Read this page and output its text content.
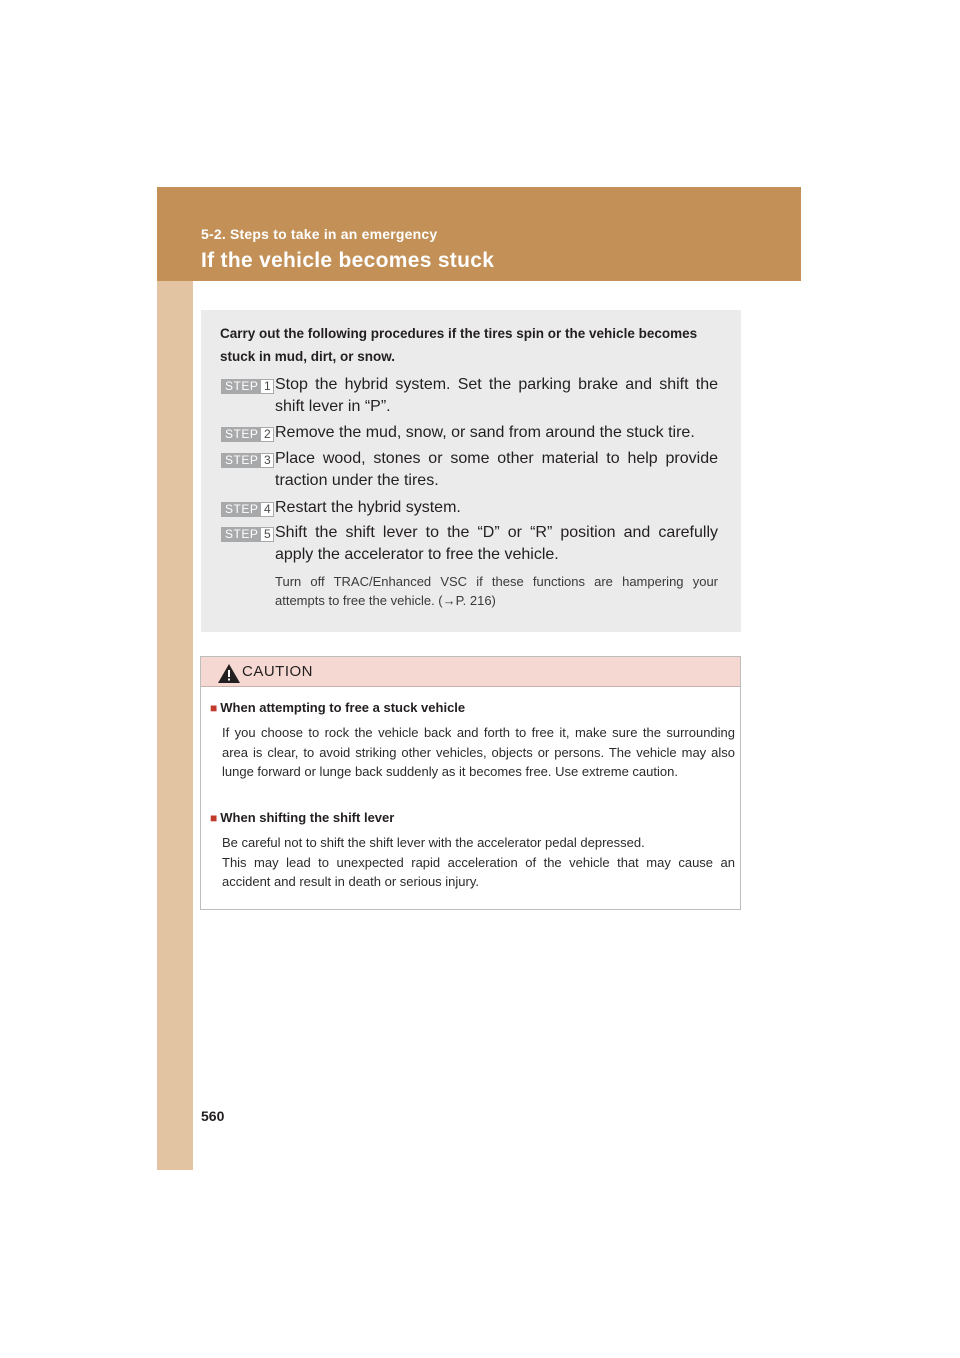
5-2. Steps to take in an emergency
If the vehicle becomes stuck
Carry out the following procedures if the tires spin or the vehicle becomes stuck in mud, dirt, or snow.
STEP 1 Stop the hybrid system. Set the parking brake and shift the shift lever in “P”.
STEP 2 Remove the mud, snow, or sand from around the stuck tire.
STEP 3 Place wood, stones or some other material to help provide traction under the tires.
STEP 4 Restart the hybrid system.
STEP 5 Shift the shift lever to the “D” or “R” position and carefully apply the accelerator to free the vehicle.
Turn off TRAC/Enhanced VSC if these functions are hampering your attempts to free the vehicle. (→P. 216)
CAUTION
■ When attempting to free a stuck vehicle
If you choose to rock the vehicle back and forth to free it, make sure the surrounding area is clear, to avoid striking other vehicles, objects or persons. The vehicle may also lunge forward or lunge back suddenly as it becomes free. Use extreme caution.
■ When shifting the shift lever
Be careful not to shift the shift lever with the accelerator pedal depressed.
This may lead to unexpected rapid acceleration of the vehicle that may cause an accident and result in death or serious injury.
560
